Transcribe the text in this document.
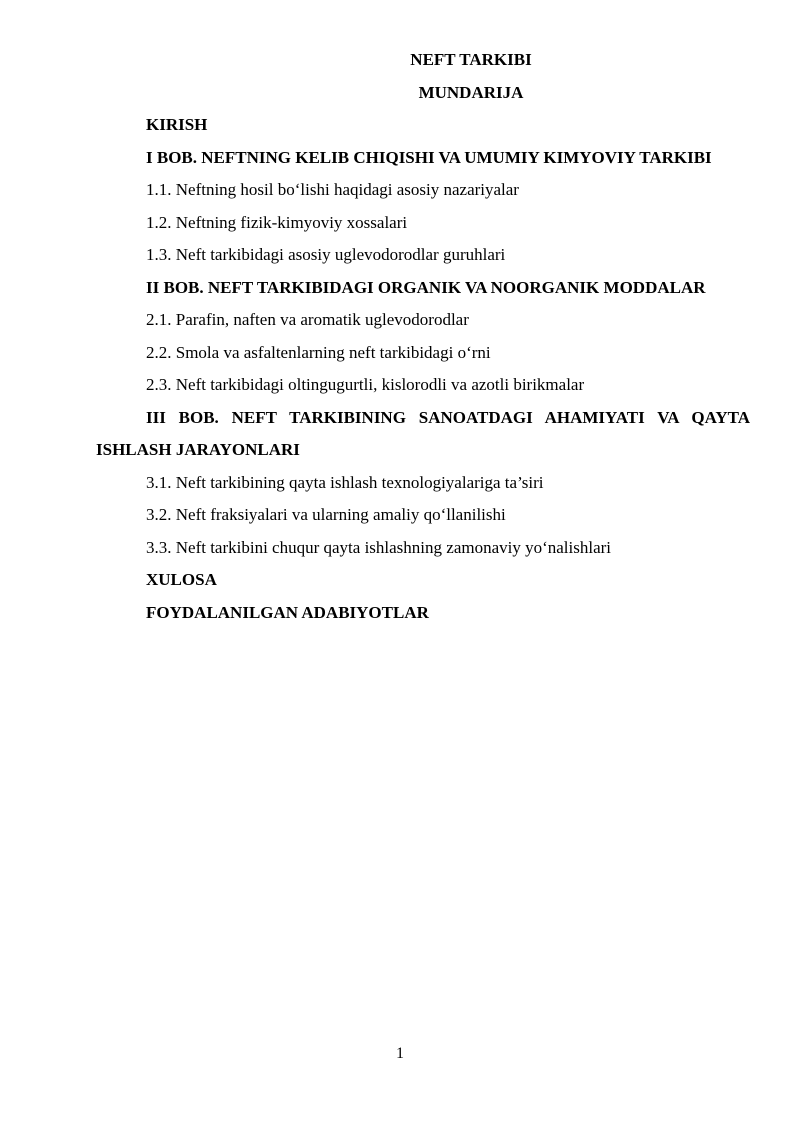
NEFT TARKIBI
MUNDARIJA
KIRISH
I BOB. NEFTNING KELIB CHIQISHI VA UMUMIY KIMYOVIY TARKIBI
1.1. Neftning hosil bo‘lishi haqidagi asosiy nazariyalar
1.2. Neftning fizik-kimyoviy xossalari
1.3. Neft tarkibidagi asosiy uglevodorodlar guruhlari
II BOB. NEFT TARKIBIDAGI ORGANIK VA NOORGANIK MODDALAR
2.1. Parafin, naften va aromatik uglevodorodlar
2.2. Smola va asfaltenlarning neft tarkibidagi o‘rni
2.3. Neft tarkibidagi oltingugurtli, kislorodli va azotli birikmalar
III BOB. NEFT TARKIBINING SANOATDAGI AHAMIYATI VA QAYTA ISHLASH JARAYONLARI
3.1. Neft tarkibining qayta ishlash texnologiyalariga ta’siri
3.2. Neft fraksiyalari va ularning amaliy qo‘llanilishi
3.3. Neft tarkibini chuqur qayta ishlashning zamonaviy yo‘nalishlari
XULOSA
FOYDALANILGAN ADABIYOTLAR
1
